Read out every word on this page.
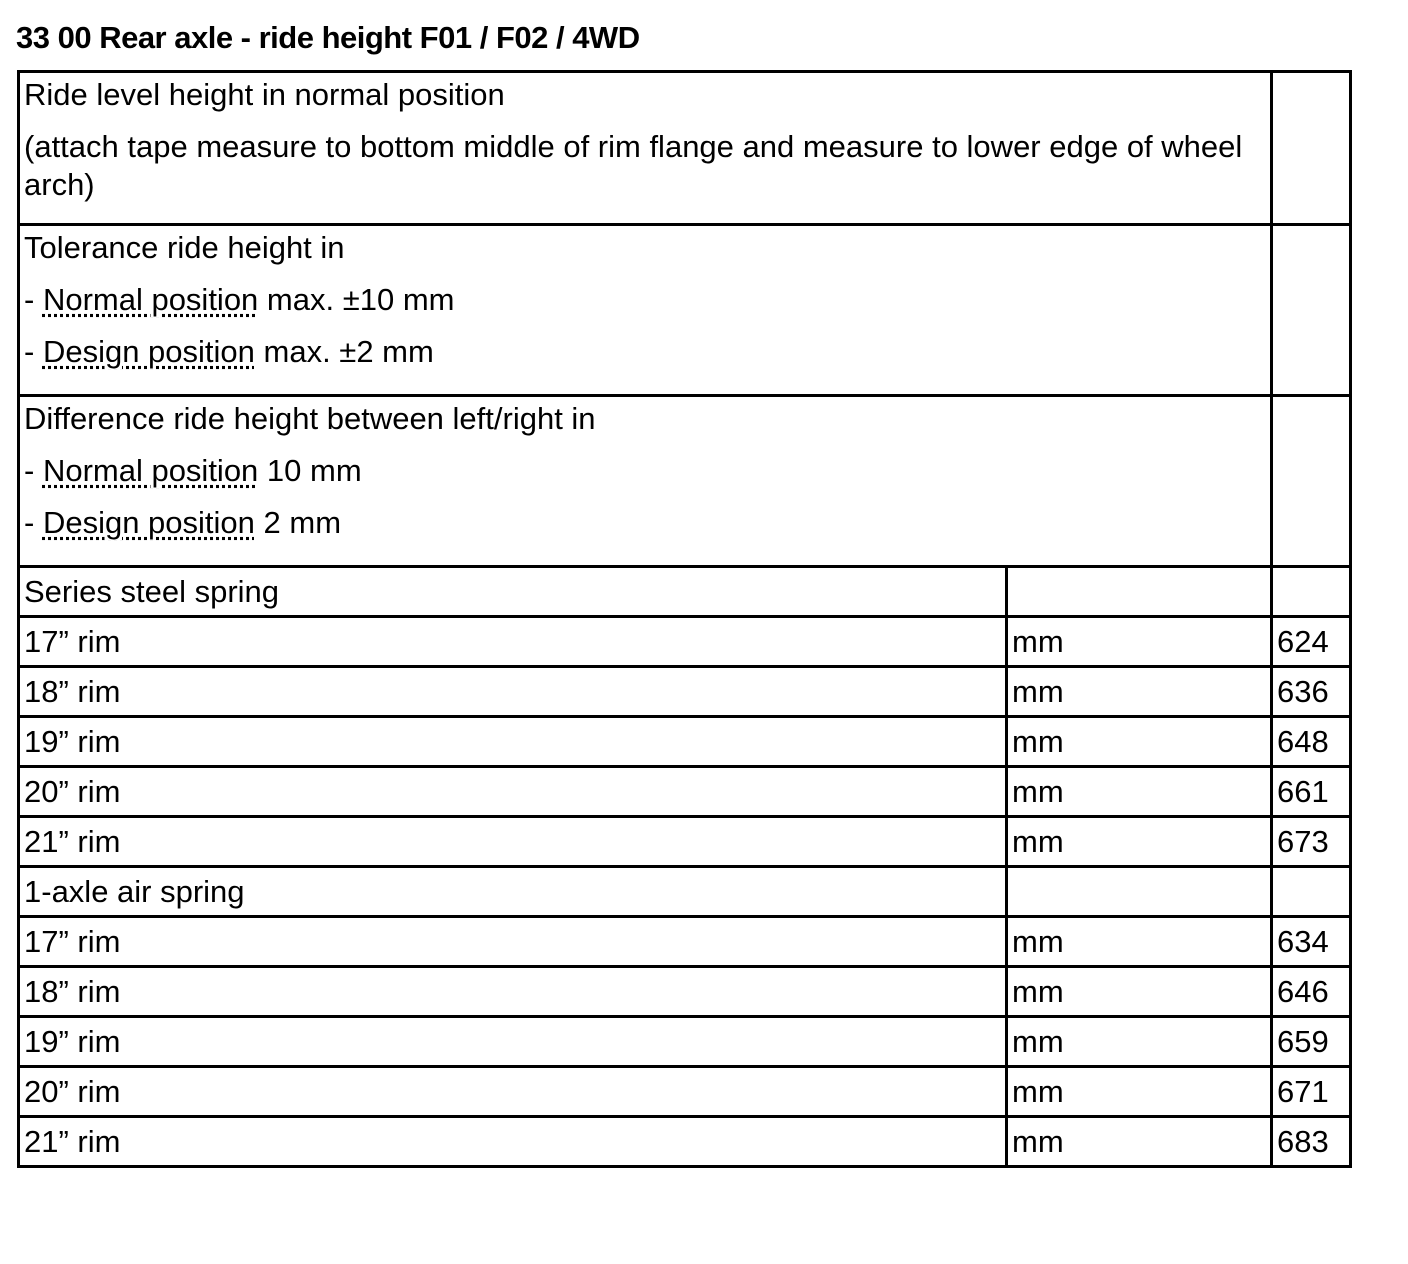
33 00 Rear axle - ride height F01 / F02 / 4WD
Ride level height in normal position
(attach tape measure to bottom middle of rim flange and measure to lower edge of wheel arch)		

Tolerance ride height in
- Normal position max. ±10 mm
- Design position max. ±2 mm		

Difference ride height between left/right in
- Normal position 10 mm
- Design position 2 mm		

Series steel spring		
17” rim	mm	624
18” rim	mm	636
19” rim	mm	648
20” rim	mm	661
21” rim	mm	673
1-axle air spring		
17” rim	mm	634
18” rim	mm	646
19” rim	mm	659
20” rim	mm	671
21” rim	mm	683
